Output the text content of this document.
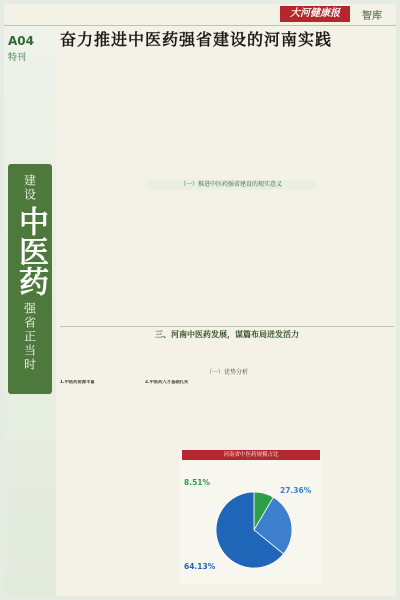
大河健康报	智库
A04
特刊
建设
中医药
强省正当时
奋力推进中医药强省建设的河南实践
（一）推进中医药强省建设的现实意义
三、河南中医药发展，谋篇布局迸发活力
（一）优势分析

1.中医药资源丰富	2.中医药人才基础扎实

河南省中医药规模占比
8.51%
27.36%
64.13%
